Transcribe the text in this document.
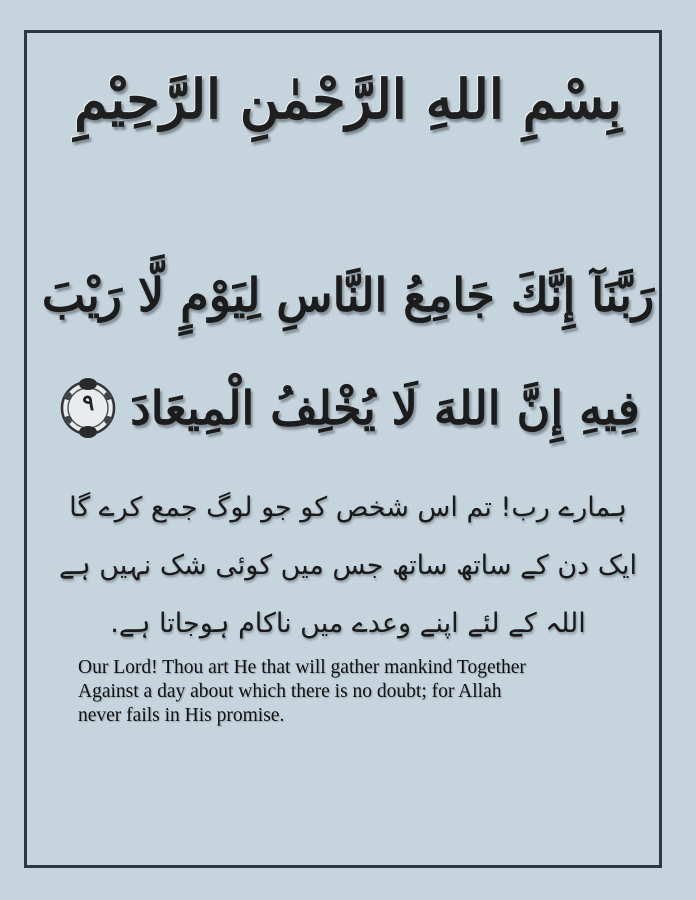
بِسْمِ اللهِ الرَّحْمٰنِ الرَّحِيْمِ
رَبَّنَآ إِنَّكَ جَامِعُ النَّاسِ لِيَوْمٍ لَّا رَيْبَ
فِيهِ إِنَّ اللهَ لَا يُخْلِفُ الْمِيعَادَ
٩
ہمارے رب! تم اس شخص کو جو لوگ جمع کرے گا
ایک دن کے ساتھ ساتھ جس میں کوئی شک نہیں ہے
اللہ کے لئے اپنے وعدے میں ناکام ہوجاتا ہے.
Our Lord! Thou art He that will gather mankind Together
Against a day about which there is no doubt; for Allah
never fails in His promise.
